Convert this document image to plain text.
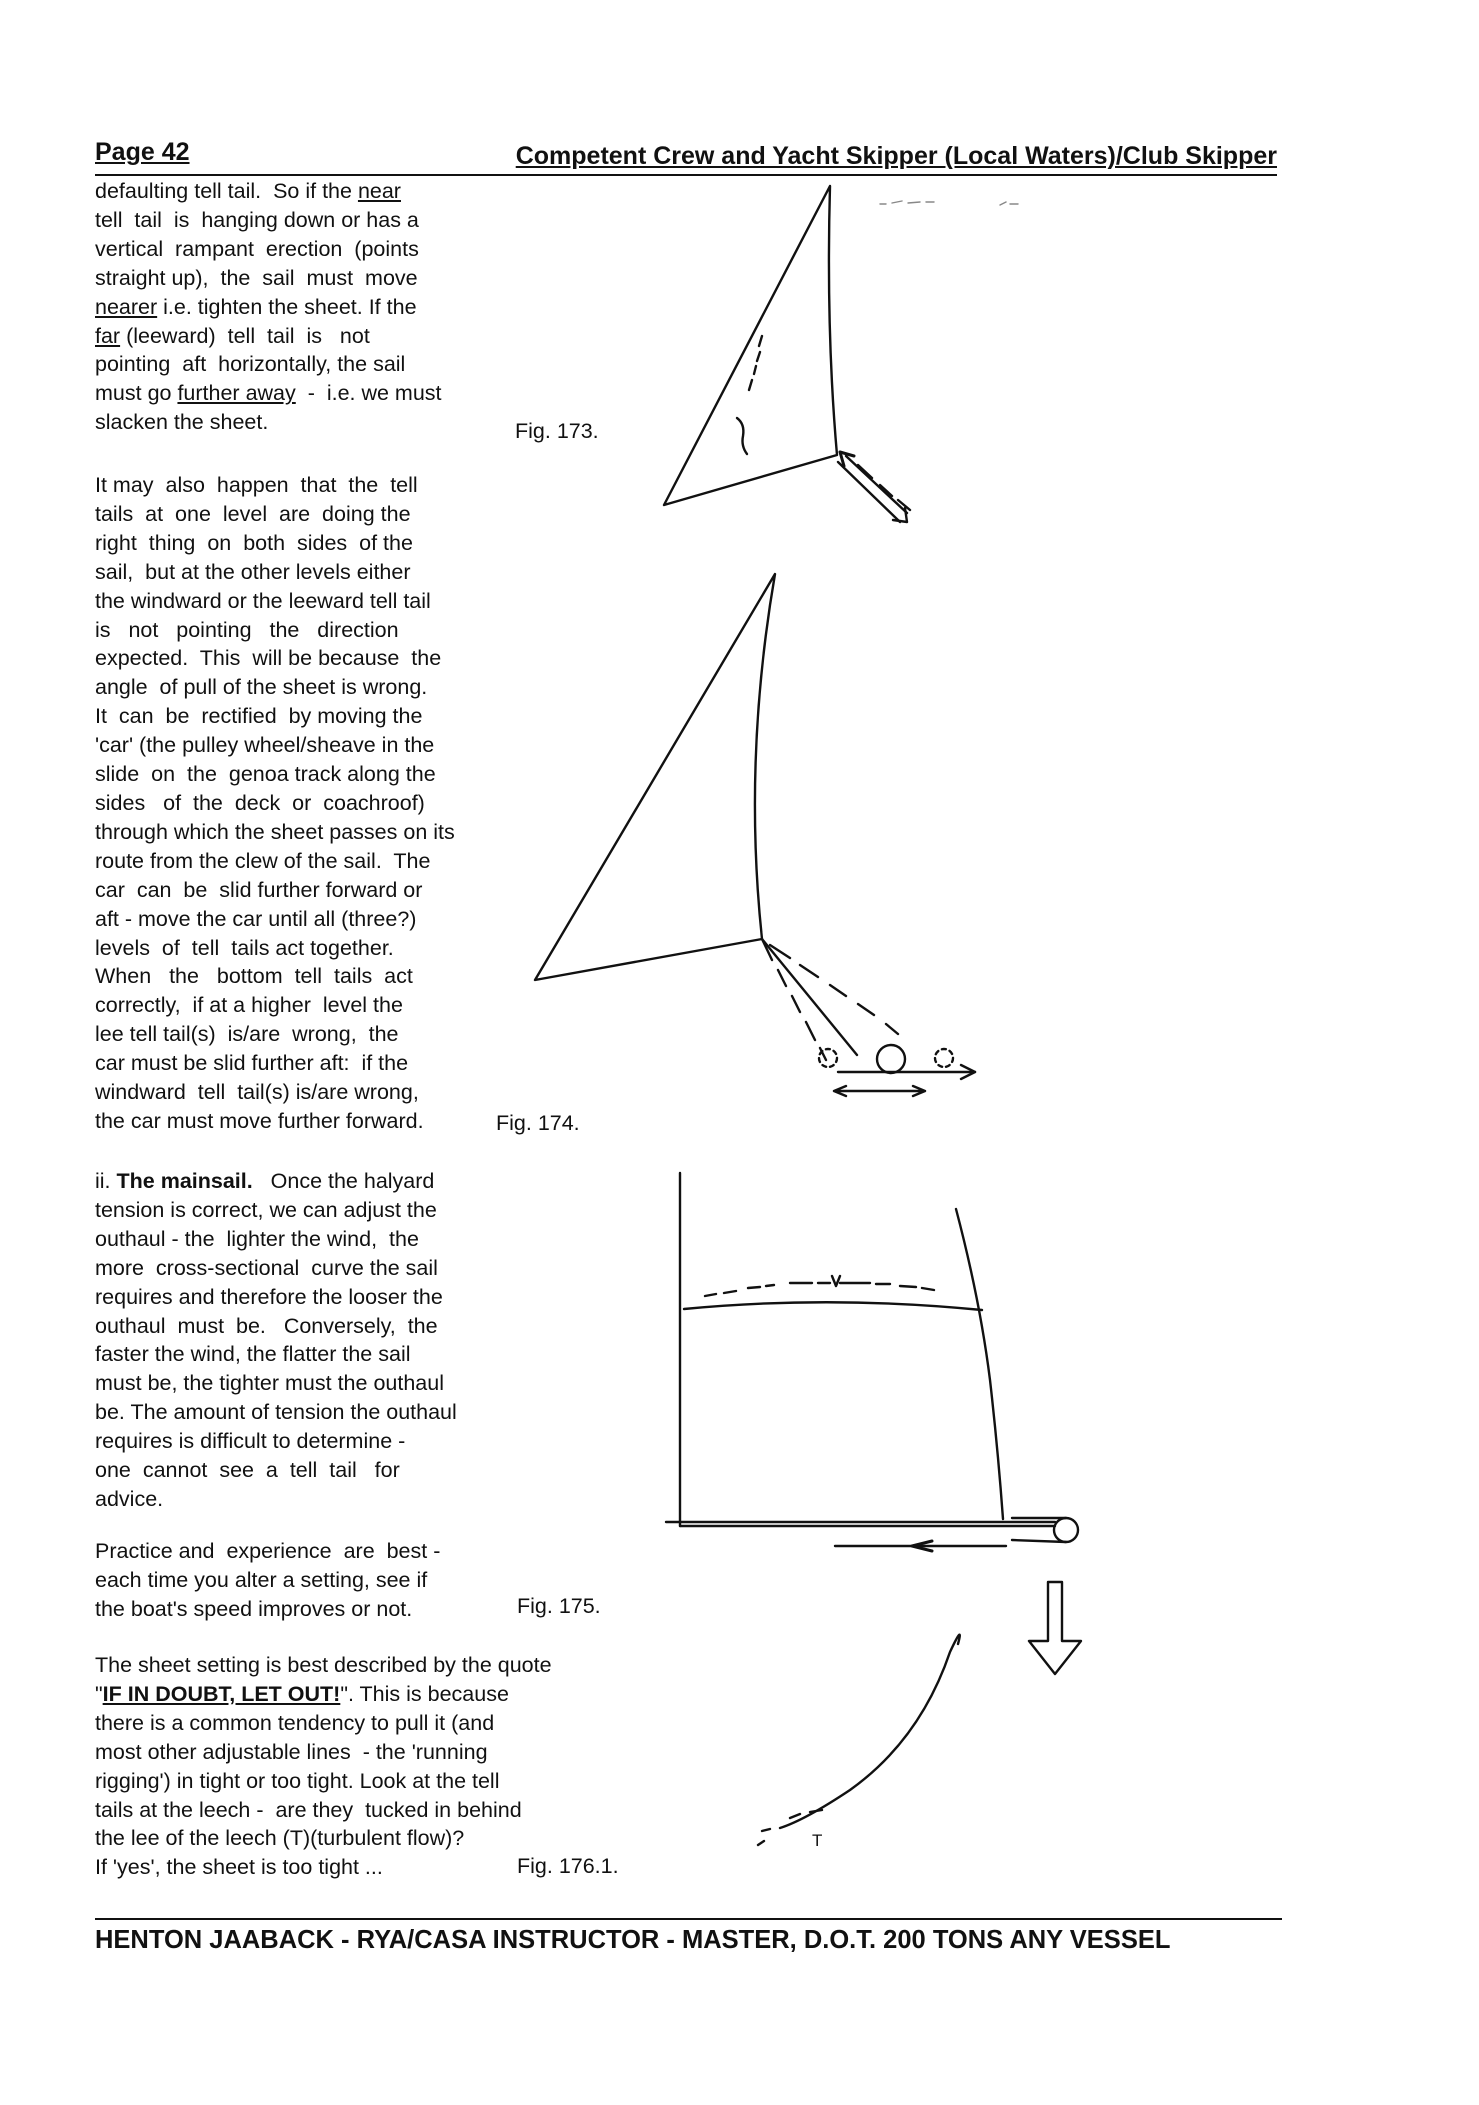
Page 42	Competent Crew and Yacht Skipper (Local Waters)/Club Skipper
defaulting tell tail.  So if the near
tell  tail  is  hanging down or has a
vertical  rampant  erection  (points
straight up),  the  sail  must  move
nearer i.e. tighten the sheet. If the
far (leeward)  tell  tail  is   not
pointing  aft  horizontally, the sail
must go further away  -  i.e. we must
slacken the sheet.
It may  also  happen  that  the  tell
tails  at  one  level  are  doing the
right  thing  on  both  sides  of the
sail,  but at the other levels either
the windward or the leeward tell tail
is   not   pointing   the   direction
expected.  This  will be because  the
angle  of pull of the sheet is wrong.
It  can  be  rectified  by moving the
'car' (the pulley wheel/sheave in the
slide  on  the  genoa track along the
sides   of  the  deck  or  coachroof)
through which the sheet passes on its
route from the clew of the sail.  The
car  can  be  slid further forward or
aft - move the car until all (three?)
levels  of  tell  tails act together.
When   the   bottom  tell  tails  act
correctly,  if at a higher  level the
lee tell tail(s)  is/are  wrong,  the
car must be slid further aft:  if the
windward  tell  tail(s) is/are wrong,
the car must move further forward.
ii. The mainsail.   Once the halyard
tension is correct, we can adjust the
outhaul - the  lighter the wind,  the
more  cross-sectional  curve the sail
requires and therefore the looser the
outhaul  must  be.   Conversely,  the
faster the wind, the flatter the sail
must be, the tighter must the outhaul
be. The amount of tension the outhaul
requires is difficult to determine -
one  cannot  see  a  tell  tail   for
advice.
Practice and  experience  are  best -
each time you alter a setting, see if
the boat's speed improves or not.
The sheet setting is best described by the quote
"IF IN DOUBT, LET OUT!". This is because
there is a common tendency to pull it (and
most other adjustable lines  - the 'running
rigging') in tight or too tight. Look at the tell
tails at the leech -  are they  tucked in behind
the lee of the leech (T)(turbulent flow)?
If 'yes', the sheet is too tight ...
Fig. 173.
Fig. 174.
Fig. 175.
Fig. 176.1.
T
HENTON JAABACK - RYA/CASA INSTRUCTOR - MASTER, D.O.T. 200 TONS ANY VESSEL
